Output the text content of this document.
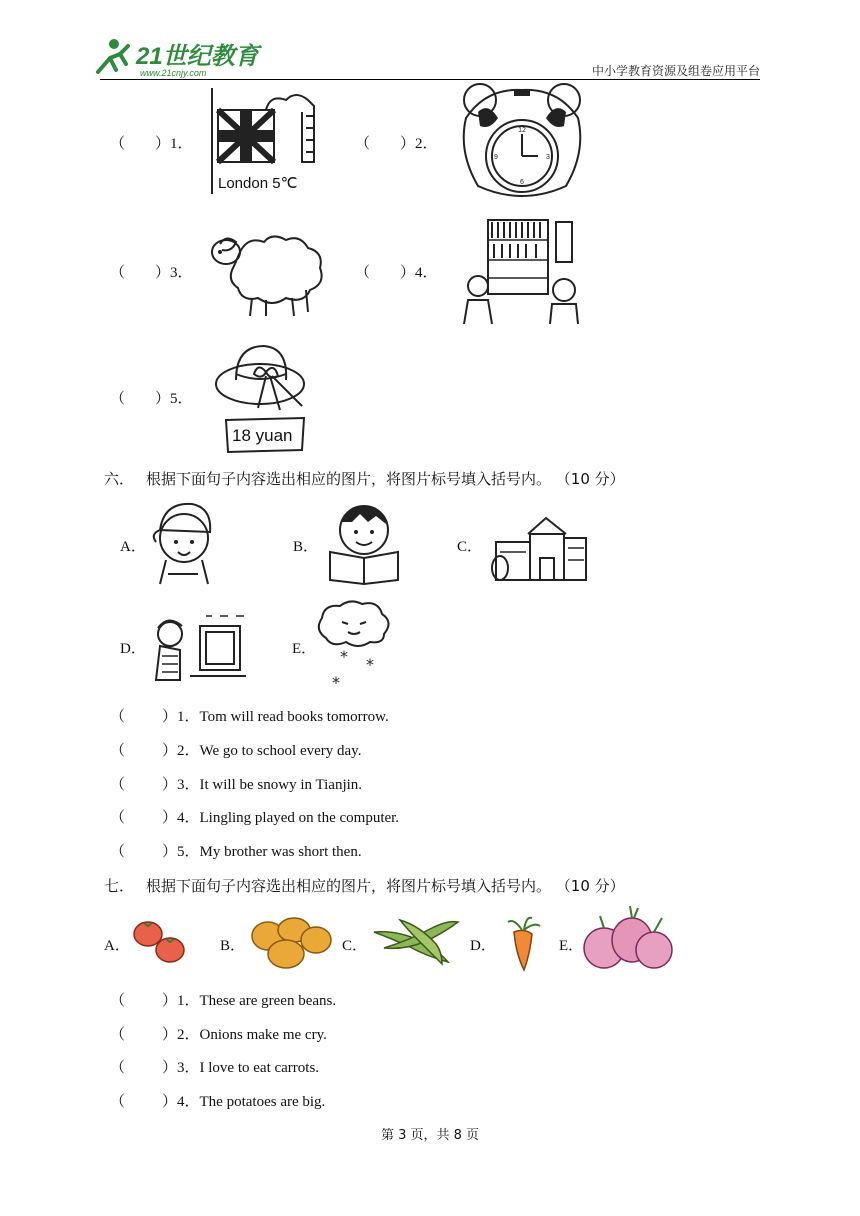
21世纪教育
www.21cnjy.com	中小学教育资源及组卷应用平台
（　　）1．
London 5℃
（　　）2．
12
3
6
9
（　　）3．	（　　）4．
（　　）5．
18 yuan
六． 根据下面句子内容选出相应的图片，将图片标号填入括号内。 （10 分）
A．	B．	C．
D．	E． * *
*
（ ）1．Tom will read books tomorrow.
（ ）2．We go to school every day.
（ ）3．It will be snowy in Tianjin.
（ ）4．Lingling played on the computer.
（ ）5．My brother was short then.
七． 根据下面句子内容选出相应的图片，将图片标号填入括号内。 （10 分）
A．	B．	C．	D．	E．
（ ）1．These are green beans.
（ ）2．Onions make me cry.
（ ）3．I love to eat carrots.
（ ）4．The potatoes are big.
第 3 页，共 8 页
